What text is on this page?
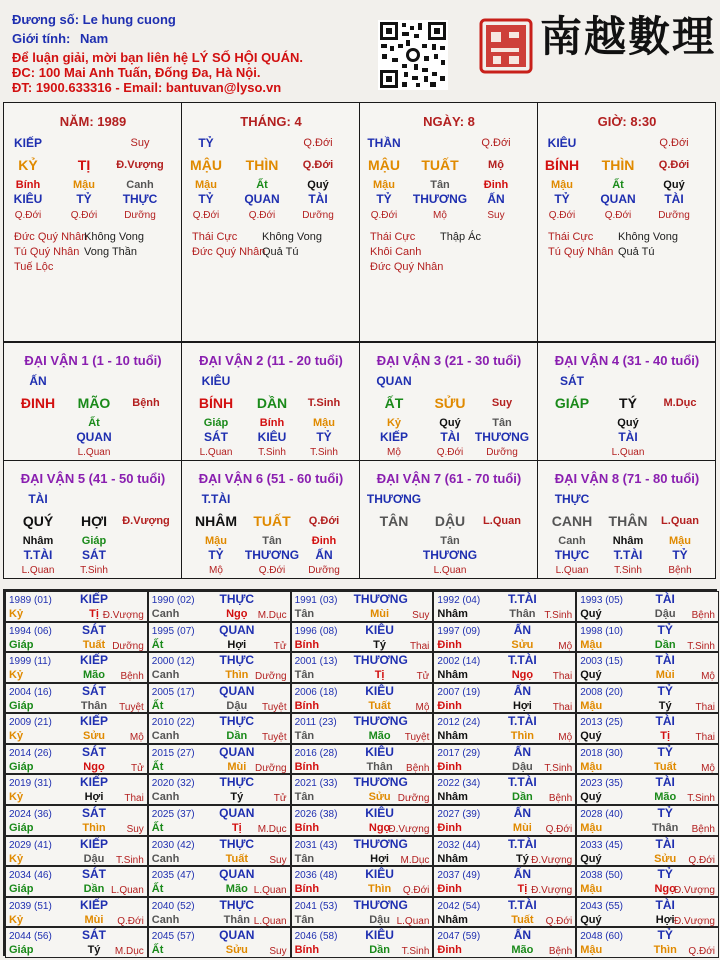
Đương số: Le hung cuong
Giới tính: Nam
Để luận giải, mời bạn liên hệ LÝ SỐ HỘI QUÁN.
ĐC: 100 Mai Anh Tuấn, Đống Đa, Hà Nội.
ĐT: 1900.633316 - Email: bantuvan@lyso.vn
南越數理
1989 (01)	KIẾP
Kỷ	Tị Đ.Vượng
1990 (02)	THỰC
Canh	Ngọ	M.Dục
1991 (03) THƯƠNG
Tân	Mùi	Suy
1992 (04)	T.TÀI
Nhâm	Thân T.Sinh
1993 (05)	TÀI
Quý	Dậu	Bệnh
1994 (06)	SÁT
Giáp	Tuất Dưỡng
1995 (07)	QUAN
Ất	Hợi	Tử
1996 (08)	KIÊU
Bính	Tý	Thai
1997 (09)	ẤN
Đinh	Sửu	Mộ
1998 (10)	TỶ
Mậu	Dần	T.Sinh
1999 (11)	KIẾP
Kỷ	Mão	Bệnh
2000 (12)	THỰC
Canh	Thìn Dưỡng
2001 (13) THƯƠNG
Tân	Tị	Tử
2002 (14)	T.TÀI
Nhâm	Ngọ	Thai
2003 (15)	TÀI
Quý	Mùi	Mộ
2004 (16)	SÁT
Giáp	Thân	Tuyệt
2005 (17)	QUAN
Ất	Dậu	Tuyệt
2006 (18)	KIÊU
Bính	Tuất	Mộ
2007 (19)	ẤN
Đinh	Hợi	Thai
2008 (20)	TỶ
Mậu	Tý	Thai
2009 (21)	KIẾP
Kỷ	Sửu	Mộ
2010 (22)	THỰC
Canh	Dần	Tuyệt
2011 (23) THƯƠNG
Tân	Mão	Tuyệt
2012 (24)	T.TÀI
Nhâm	Thìn	Mộ
2013 (25)	TÀI
Quý	Tị	Thai
2014 (26)	SÁT
Giáp	Ngọ	Tử
2015 (27)	QUAN
Ất	Mùi Dưỡng
2016 (28)	KIÊU
Bính	Thân	Bệnh
2017 (29)	ẤN
Đinh	Dậu	T.Sinh
2018 (30)	TỶ
Mậu	Tuất	Mộ
2019 (31)	KIẾP
Kỷ	Hợi	Thai
2020 (32)	THỰC
Canh	Tý	Tử
2021 (33) THƯƠNG
Tân	Sửu Dưỡng
2022 (34)	T.TÀI
Nhâm	Dần	Bệnh
2023 (35)	TÀI
Quý	Mão	T.Sinh
2024 (36)	SÁT
Giáp	Thìn	Suy
2025 (37)	QUAN
Ất	Tị	M.Dục
2026 (38)	KIÊU
Bính	Ngọ
Đ.Vượng
2027 (39)	ẤN
Đinh	Mùi	Q.Đới
2028 (40)	TỶ
Mậu	Thân	Bệnh
2029 (41)	KIẾP
Kỷ	Dậu	T.Sinh
2030 (42)	THỰC
Canh	Tuất	Suy
2031 (43) THƯƠNG
Tân	Hợi	M.Dục
2032 (44)	T.TÀI
Nhâm	Tý Đ.Vượng
2033 (45)	TÀI
Quý	Sửu	Q.Đới
2034 (46)	SÁT
Giáp	Dần L.Quan
2035 (47)	QUAN
Ất	Mão L.Quan
2036 (48)	KIÊU
Bính	Thìn	Q.Đới
2037 (49)	ẤN
Đinh	Tị Đ.Vượng
2038 (50)	TỶ
Mậu	Ngọ
Đ.Vượng
2039 (51)	KIẾP
Kỷ	Mùi	Q.Đới
2040 (52)	THỰC
Canh	Thân L.Quan
2041 (53) THƯƠNG
Tân	Dậu L.Quan
2042 (54)	T.TÀI
Nhâm	Tuất	Q.Đới
2043 (55)	TÀI
Quý	Hợi Đ.Vượng
2044 (56)	SÁT
Giáp	Tý	M.Dục
2045 (57)	QUAN
Ất	Sửu	Suy
2046 (58)	KIÊU
Bính	Dần	T.Sinh
2047 (59)	ẤN
Đinh	Mão	Bệnh
2048 (60)	TỶ
Mậu	Thìn	Q.Đới
NĂM: 1989
KIẾP	Suy
KỶ	TỊ	Đ.Vượng
Bính	Mậu	Canh
KIÊU	TỶ	THỰC
Q.Đới	Q.Đới	Dưỡng
Đức Quý Nhân
Không Vong
Tú Quý Nhân Vong Thần
Tuế Lộc
THÁNG: 4
TỶ	Q.Đới
MẬU	THÌN	Q.Đới
Mậu	Ất	Quý
TỶ	QUAN	TÀI
Q.Đới	Q.Đới	Dưỡng
Thái Cực Không Vong
Đức Quý Nhân
Quả Tú
NGÀY: 8
THẦN	Q.Đới
MẬU	TUẤT	Mộ
Mậu	Tân	Đinh
TỶ	THƯƠNG	ẤN
Q.Đới	Mộ	Suy
Thái Cực Thập Ác
Khôi Canh
Đức Quý Nhân
GIỜ: 8:30
KIÊU	Q.Đới
BÍNH	THÌN	Q.Đới
Mậu	Ất	Quý
TỶ	QUAN	TÀI
Q.Đới	Q.Đới	Dưỡng
Thái Cực Không Vong
Tú Quý Nhân Quả Tú
ĐẠI VẬN 1 (1 - 10 tuổi)
ẤN
ĐINH	MÃO	Bệnh
Ất
QUAN
L.Quan
ĐẠI VẬN 2 (11 - 20 tuổi)
KIÊU
BÍNH	DẦN	T.Sinh
Giáp	Bính	Mậu
SÁT	KIÊU	TỶ
L.Quan	T.Sinh	T.Sinh
ĐẠI VẬN 3 (21 - 30 tuổi)
QUAN
ẤT	SỬU	Suy
Kỷ	Quý	Tân
KIẾP	TÀI	THƯƠNG
Mộ	Q.Đới	Dưỡng
ĐẠI VẬN 4 (31 - 40 tuổi)
SÁT
GIÁP	TÝ	M.Dục
Quý
TÀI
L.Quan
ĐẠI VẬN 5 (41 - 50 tuổi)
TÀI
QUÝ	HỢI	Đ.Vượng
Nhâm	Giáp
T.TÀI	SÁT
L.Quan	T.Sinh
ĐẠI VẬN 6 (51 - 60 tuổi)
T.TÀI
NHÂM	TUẤT	Q.Đới
Mậu	Tân	Đinh
TỶ	THƯƠNG	ẤN
Mộ	Q.Đới	Dưỡng
ĐẠI VẬN 7 (61 - 70 tuổi)
THƯƠNG
TÂN	DẬU	L.Quan
Tân
THƯƠNG
L.Quan
ĐẠI VẬN 8 (71 - 80 tuổi)
THỰC
CANH	THÂN	L.Quan
Canh	Nhâm	Mậu
THỰC	T.TÀI	TỶ
L.Quan	T.Sinh	Bệnh
